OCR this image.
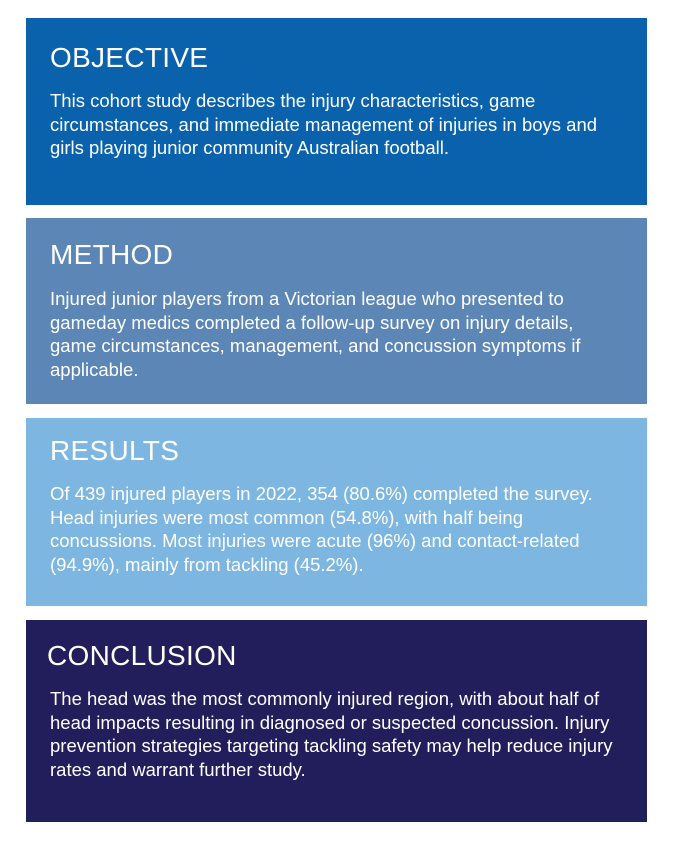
OBJECTIVE

This cohort study describes the injury characteristics, game circumstances, and immediate management of injuries in boys and girls playing junior community Australian football.

METHOD

Injured junior players from a Victorian league who presented to gameday medics completed a follow-up survey on injury details, game circumstances, management, and concussion symptoms if applicable.

RESULTS

Of 439 injured players in 2022, 354 (80.6%) completed the survey. Head injuries were most common (54.8%), with half being concussions. Most injuries were acute (96%) and contact-related (94.9%), mainly from tackling (45.2%).

CONCLUSION

The head was the most commonly injured region, with about half of head impacts resulting in diagnosed or suspected concussion. Injury prevention strategies targeting tackling safety may help reduce injury rates and warrant further study.
